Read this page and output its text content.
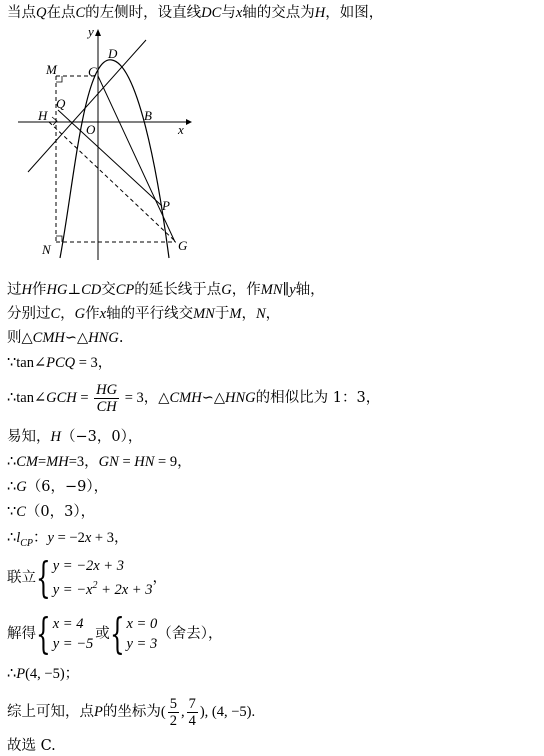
当点Q在点C的左侧时，设直线DC与x轴的交点为H，如图，
y
x
M C
D
Q
H
O
B
P
N	G
过H作HG⊥CD交CP的延长线于点G，作MN∥y轴，
分别过C，G作x轴的平行线交MN于M，N，
则△CMH∽△HNG.
∵tan∠PCQ = 3，
∴tan∠GCH = $\frac{HG}{CH} = 3$，△CMH∽△HNG的相似比为 1：3，
易知，H（−3，0），
∴CM=MH=3，GN = HN = 9，
∴G（6，−9），
∵C（0，3），
$\therefore l_{CP}$：y = −2x + 3，
联立{ y = −2x + 3
$y = -x^2 + 2x + 3$
，
解得{ x = 4
y = −5
或{ x = 0
y = 3
（舍去），
∴P(4, −5)；
综上可知，点P的坐标为( $\frac{5}{2}$ , $\frac{7}{4}$ ), (4, −5).
故选 C.
